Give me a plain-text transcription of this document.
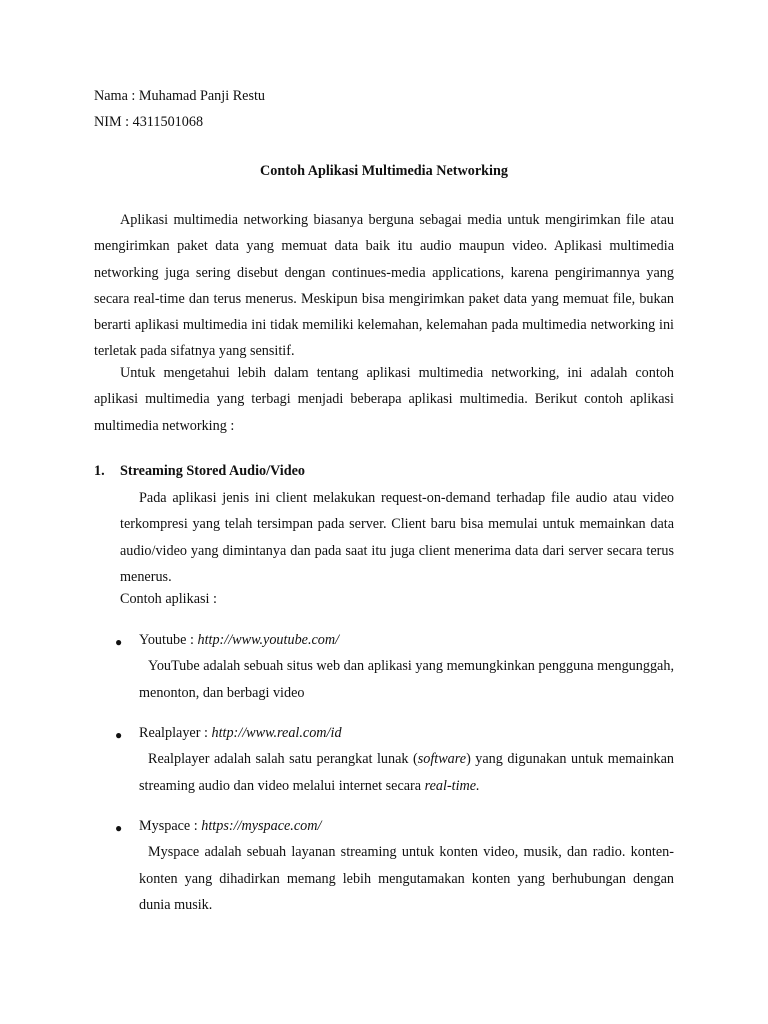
Nama : Muhamad Panji Restu
NIM : 4311501068
Contoh Aplikasi Multimedia Networking

Aplikasi multimedia networking biasanya berguna sebagai media untuk mengirimkan file atau mengirimkan paket data yang memuat data baik itu audio maupun video. Aplikasi multimedia networking juga sering disebut dengan continues-media applications, karena pengirimannya yang secara real-time dan terus menerus. Meskipun bisa mengirimkan paket data yang memuat file, bukan berarti aplikasi multimedia ini tidak memiliki kelemahan, kelemahan pada multimedia networking ini terletak pada sifatnya yang sensitif.

Untuk mengetahui lebih dalam tentang aplikasi multimedia networking, ini adalah contoh aplikasi multimedia yang terbagi menjadi beberapa aplikasi multimedia. Berikut contoh aplikasi multimedia networking :

1. Streaming Stored Audio/Video

Pada aplikasi jenis ini client melakukan request-on-demand terhadap file audio atau video terkompresi yang telah tersimpan pada server. Client baru bisa memulai untuk memainkan data audio/video yang dimintanya dan pada saat itu juga client menerima data dari server secara terus menerus.

Contoh aplikasi :
● Youtube : http://www.youtube.com/

YouTube adalah sebuah situs web dan aplikasi yang memungkinkan pengguna mengunggah, menonton, dan berbagi video

● Realplayer : http://www.real.com/id

Realplayer adalah salah satu perangkat lunak (software) yang digunakan untuk memainkan streaming audio dan video melalui internet secara real-time.

● Myspace : https://myspace.com/

Myspace adalah sebuah layanan streaming untuk konten video, musik, dan radio. konten-konten yang dihadirkan memang lebih mengutamakan konten yang berhubungan dengan dunia musik.
